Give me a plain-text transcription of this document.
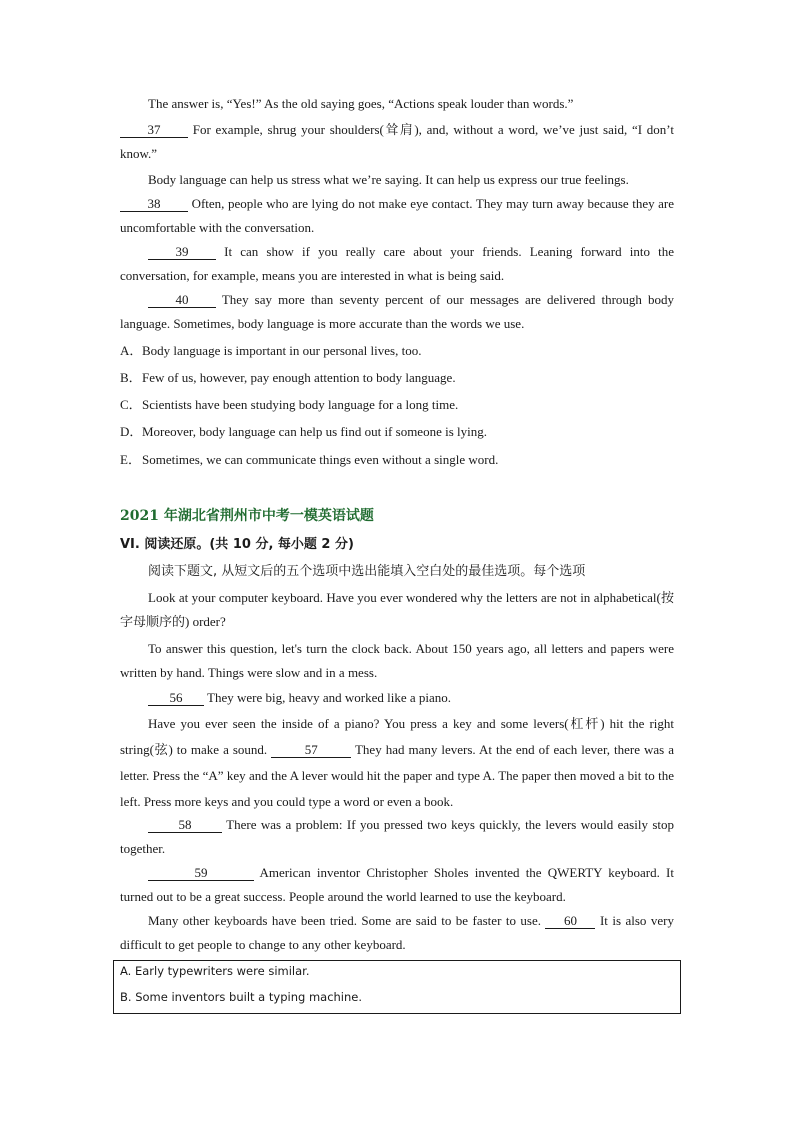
The answer is, “Yes!” As the old saying goes, “Actions speak louder than words.”
37 For example, shrug your shoulders(耸肩), and, without a word, we’ve just said, “I don’t know.”
Body language can help us stress what we’re saying. It can help us express our true feelings.
38 Often, people who are lying do not make eye contact. They may turn away because they are uncomfortable with the conversation.
39	It can show if you really care about your friends. Leaning forward into the conversation, for example, means you are interested in what is being said.
40	They say more than seventy percent of our messages are delivered through body language. Sometimes, body language is more accurate than the words we use.
A．Body language is important in our personal lives, too.
B．Few of us, however, pay enough attention to body language.
C．Scientists have been studying body language for a long time.
D．Moreover, body language can help us find out if someone is lying.
E．Sometimes, we can communicate things even without a single word.
2021 年湖北省荆州市中考一模英语试题
VI. 阅读还原。(共 10 分, 每小题 2 分)
阅读下题文, 从短文后的五个选项中选出能填入空白处的最佳选项。每个选项
Look at your computer keyboard. Have you ever wondered why the letters are not in alphabetical(按字母顺序的) order?
To answer this question, let's turn the clock back. About 150 years ago, all letters and papers were written by hand. Things were slow and in a mess.
56 They were big, heavy and worked like a piano.
Have you ever seen the inside of a piano? You press a key and some levers(杠杆) hit the right string(弦) to make a sound.	57	They had many levers. At the end of each lever, there was a letter. Press the “A” key and the A lever would hit the paper and type A. The paper then moved a bit to the left. Press more keys and you could type a word or even a book.
58	There was a problem: If you pressed two keys quickly, the levers would easily stop together.
59	American inventor Christopher Sholes invented the QWERTY keyboard. It turned out to be a great success. People around the world learned to use the keyboard.
Many other keyboards have been tried. Some are said to be faster to use. 60 It is also very difficult to get people to change to any other keyboard.
A. Early typewriters were similar.
B. Some inventors built a typing machine.
